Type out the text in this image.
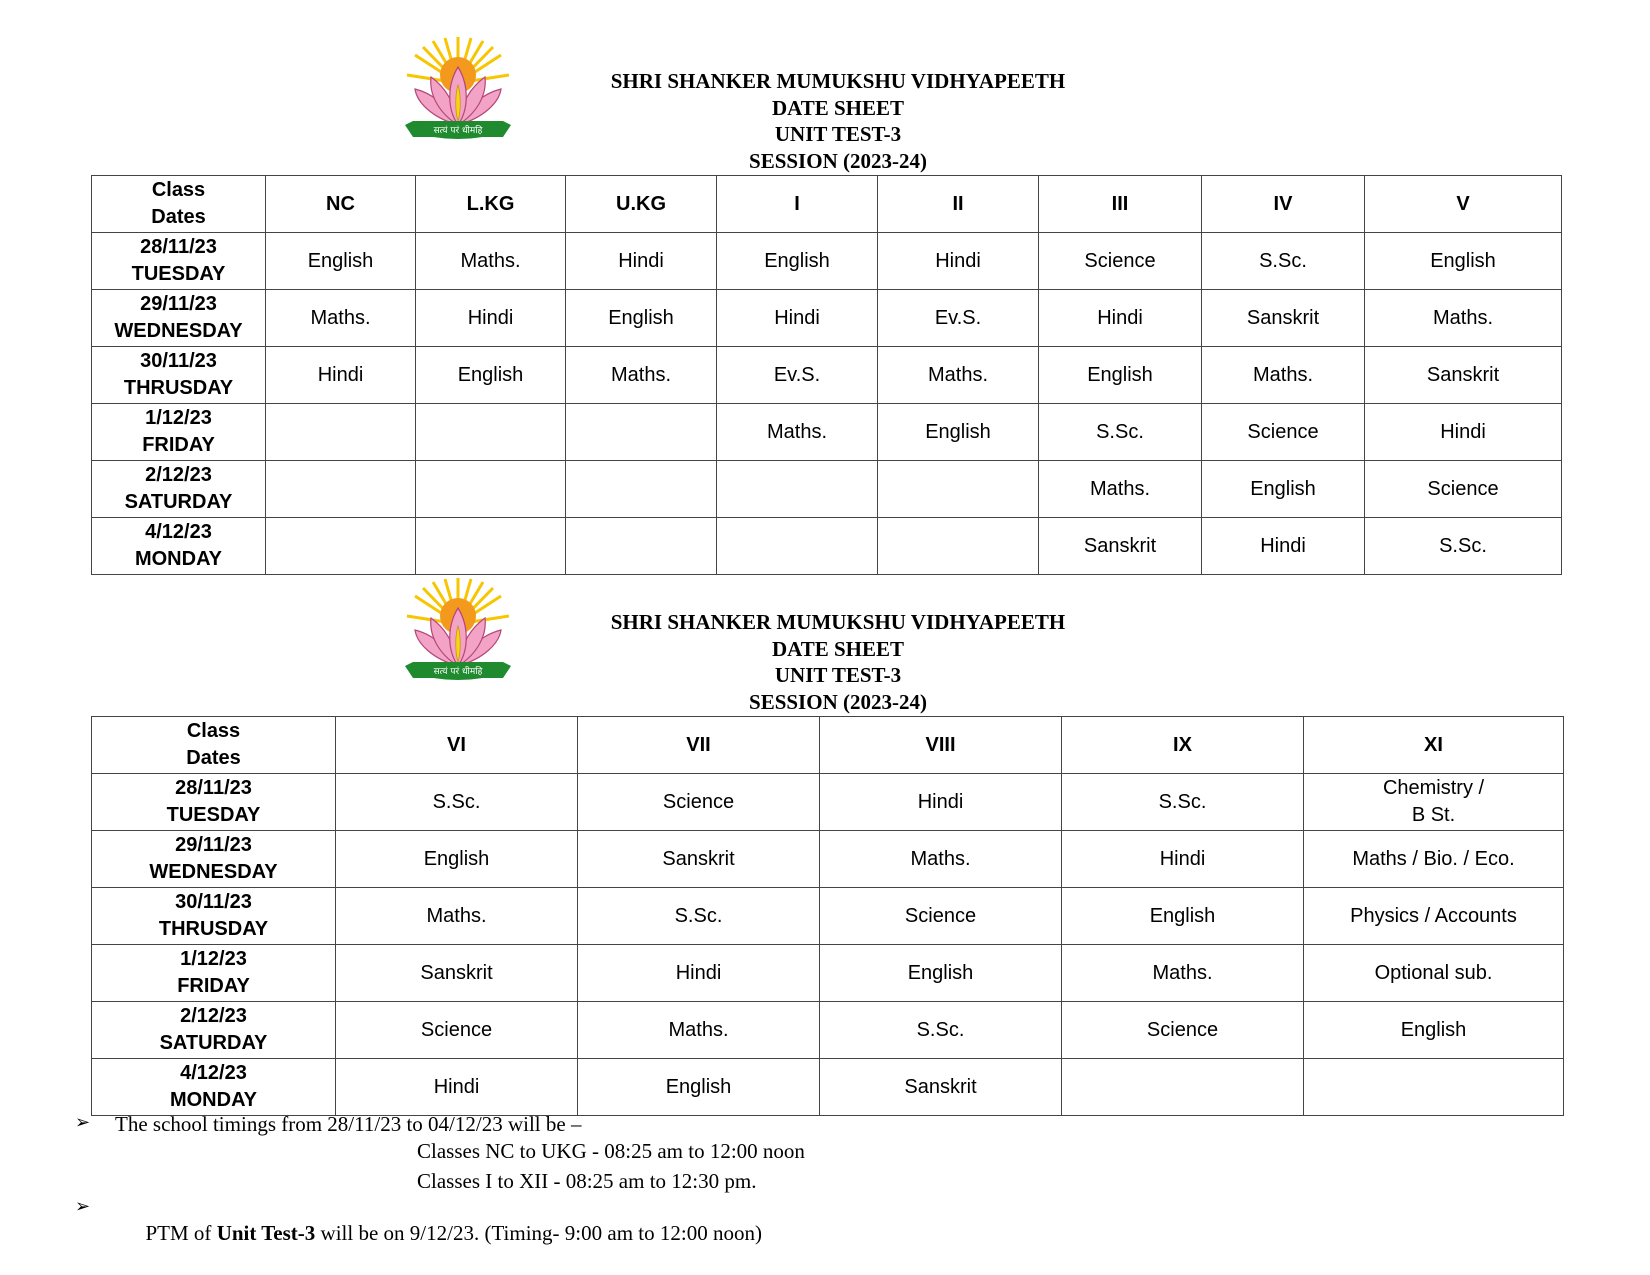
सत्यं परं धीमहि
SHRI SHANKER MUMUKSHU VIDHYAPEETH
DATE SHEET
UNIT TEST-3
SESSION (2023-24)
Class
Dates	NC	L.KG	U.KG	I	II	III	IV	V
28/11/23
TUESDAY	English	Maths.	Hindi	English	Hindi	Science	S.Sc.	English
29/11/23
WEDNESDAY	Maths.	Hindi	English	Hindi	Ev.S.	Hindi	Sanskrit	Maths.
30/11/23
THRUSDAY	Hindi	English	Maths.	Ev.S.	Maths.	English	Maths.	Sanskrit
1/12/23
FRIDAY				Maths.	English	S.Sc.	Science	Hindi
2/12/23
SATURDAY						Maths.	English	Science
4/12/23
MONDAY						Sanskrit	Hindi	S.Sc.
सत्यं परं धीमहि
SHRI SHANKER MUMUKSHU VIDHYAPEETH
DATE SHEET
UNIT TEST-3
SESSION (2023-24)
Class
Dates	VI	VII	VIII	IX	XI
28/11/23
TUESDAY	S.Sc.	Science	Hindi	S.Sc.	Chemistry /
B St.
29/11/23
WEDNESDAY	English	Sanskrit	Maths.	Hindi	Maths / Bio. / Eco.
30/11/23
THRUSDAY	Maths.	S.Sc.	Science	English	Physics / Accounts
1/12/23
FRIDAY	Sanskrit	Hindi	English	Maths.	Optional sub.
2/12/23
SATURDAY	Science	Maths.	S.Sc.	Science	English
4/12/23
MONDAY	Hindi	English	Sanskrit		
➢ The school timings from 28/11/23 to 04/12/23 will be –
Classes NC to UKG - 08:25 am to 12:00 noon
Classes I to XII - 08:25 am to 12:30 pm.
➢

PTM of Unit Test-3 will be on 9/12/23. (Timing- 9:00 am to 12:00 noon)
